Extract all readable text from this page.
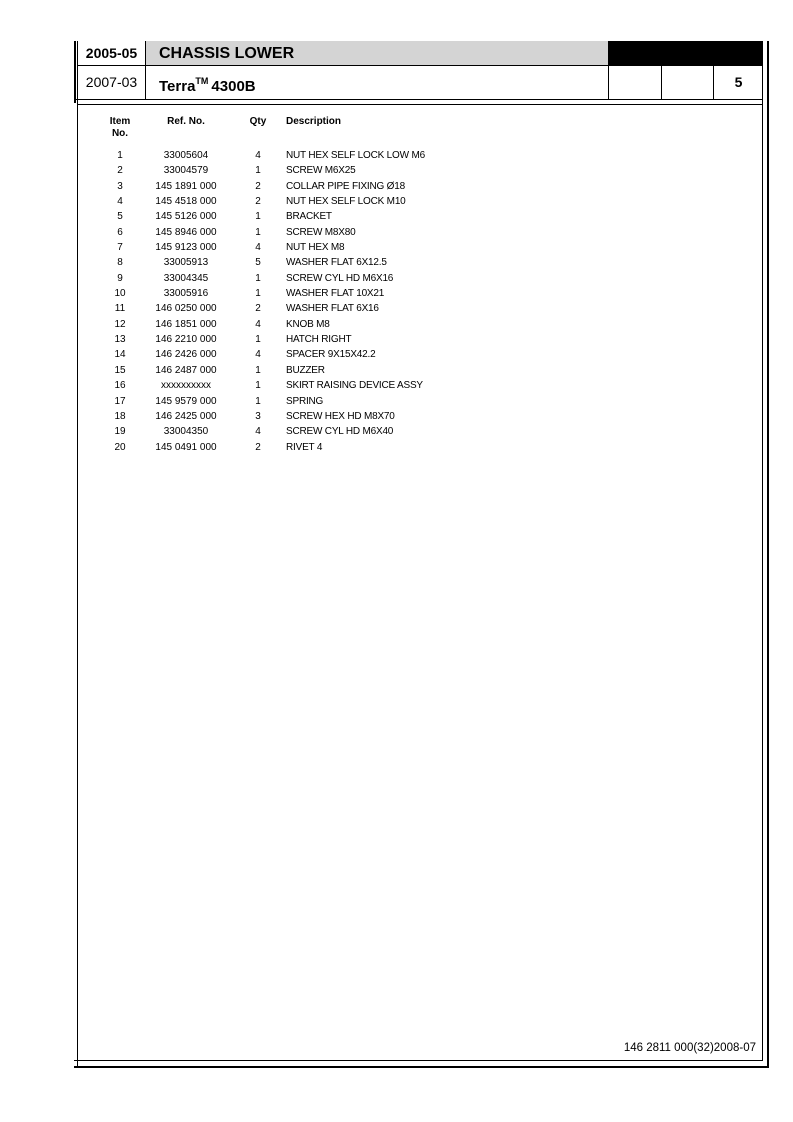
2005-05
2007-03
CHASSIS LOWER
Terra™ 4300B	5
Item
No.
Ref. No.	Qty	Description
1	33005604	4	NUT HEX SELF LOCK LOW M6
2	33004579	1	SCREW M6X25
3	145 1891 000	2	COLLAR PIPE FIXING Ø18
4	145 4518 000	2	NUT HEX SELF LOCK M10
5	145 5126 000	1	BRACKET
6	145 8946 000	1	SCREW M8X80
7	145 9123 000	4	NUT HEX M8
8	33005913	5	WASHER FLAT 6X12.5
9	33004345	1	SCREW CYL HD M6X16
10	33005916	1	WASHER FLAT 10X21
11	146 0250 000	2	WASHER FLAT 6X16
12	146 1851 000	4	KNOB M8
13	146 2210 000	1	HATCH RIGHT
14	146 2426 000	4	SPACER 9X15X42.2
15	146 2487 000	1	BUZZER
16	xxxxxxxxxx	1	SKIRT RAISING DEVICE ASSY
17	145 9579 000	1	SPRING
18	146 2425 000	3	SCREW HEX HD M8X70
19	33004350	4	SCREW CYL HD M6X40
20	145 0491 000	2	RIVET 4
146 2811 000(32)2008-07
